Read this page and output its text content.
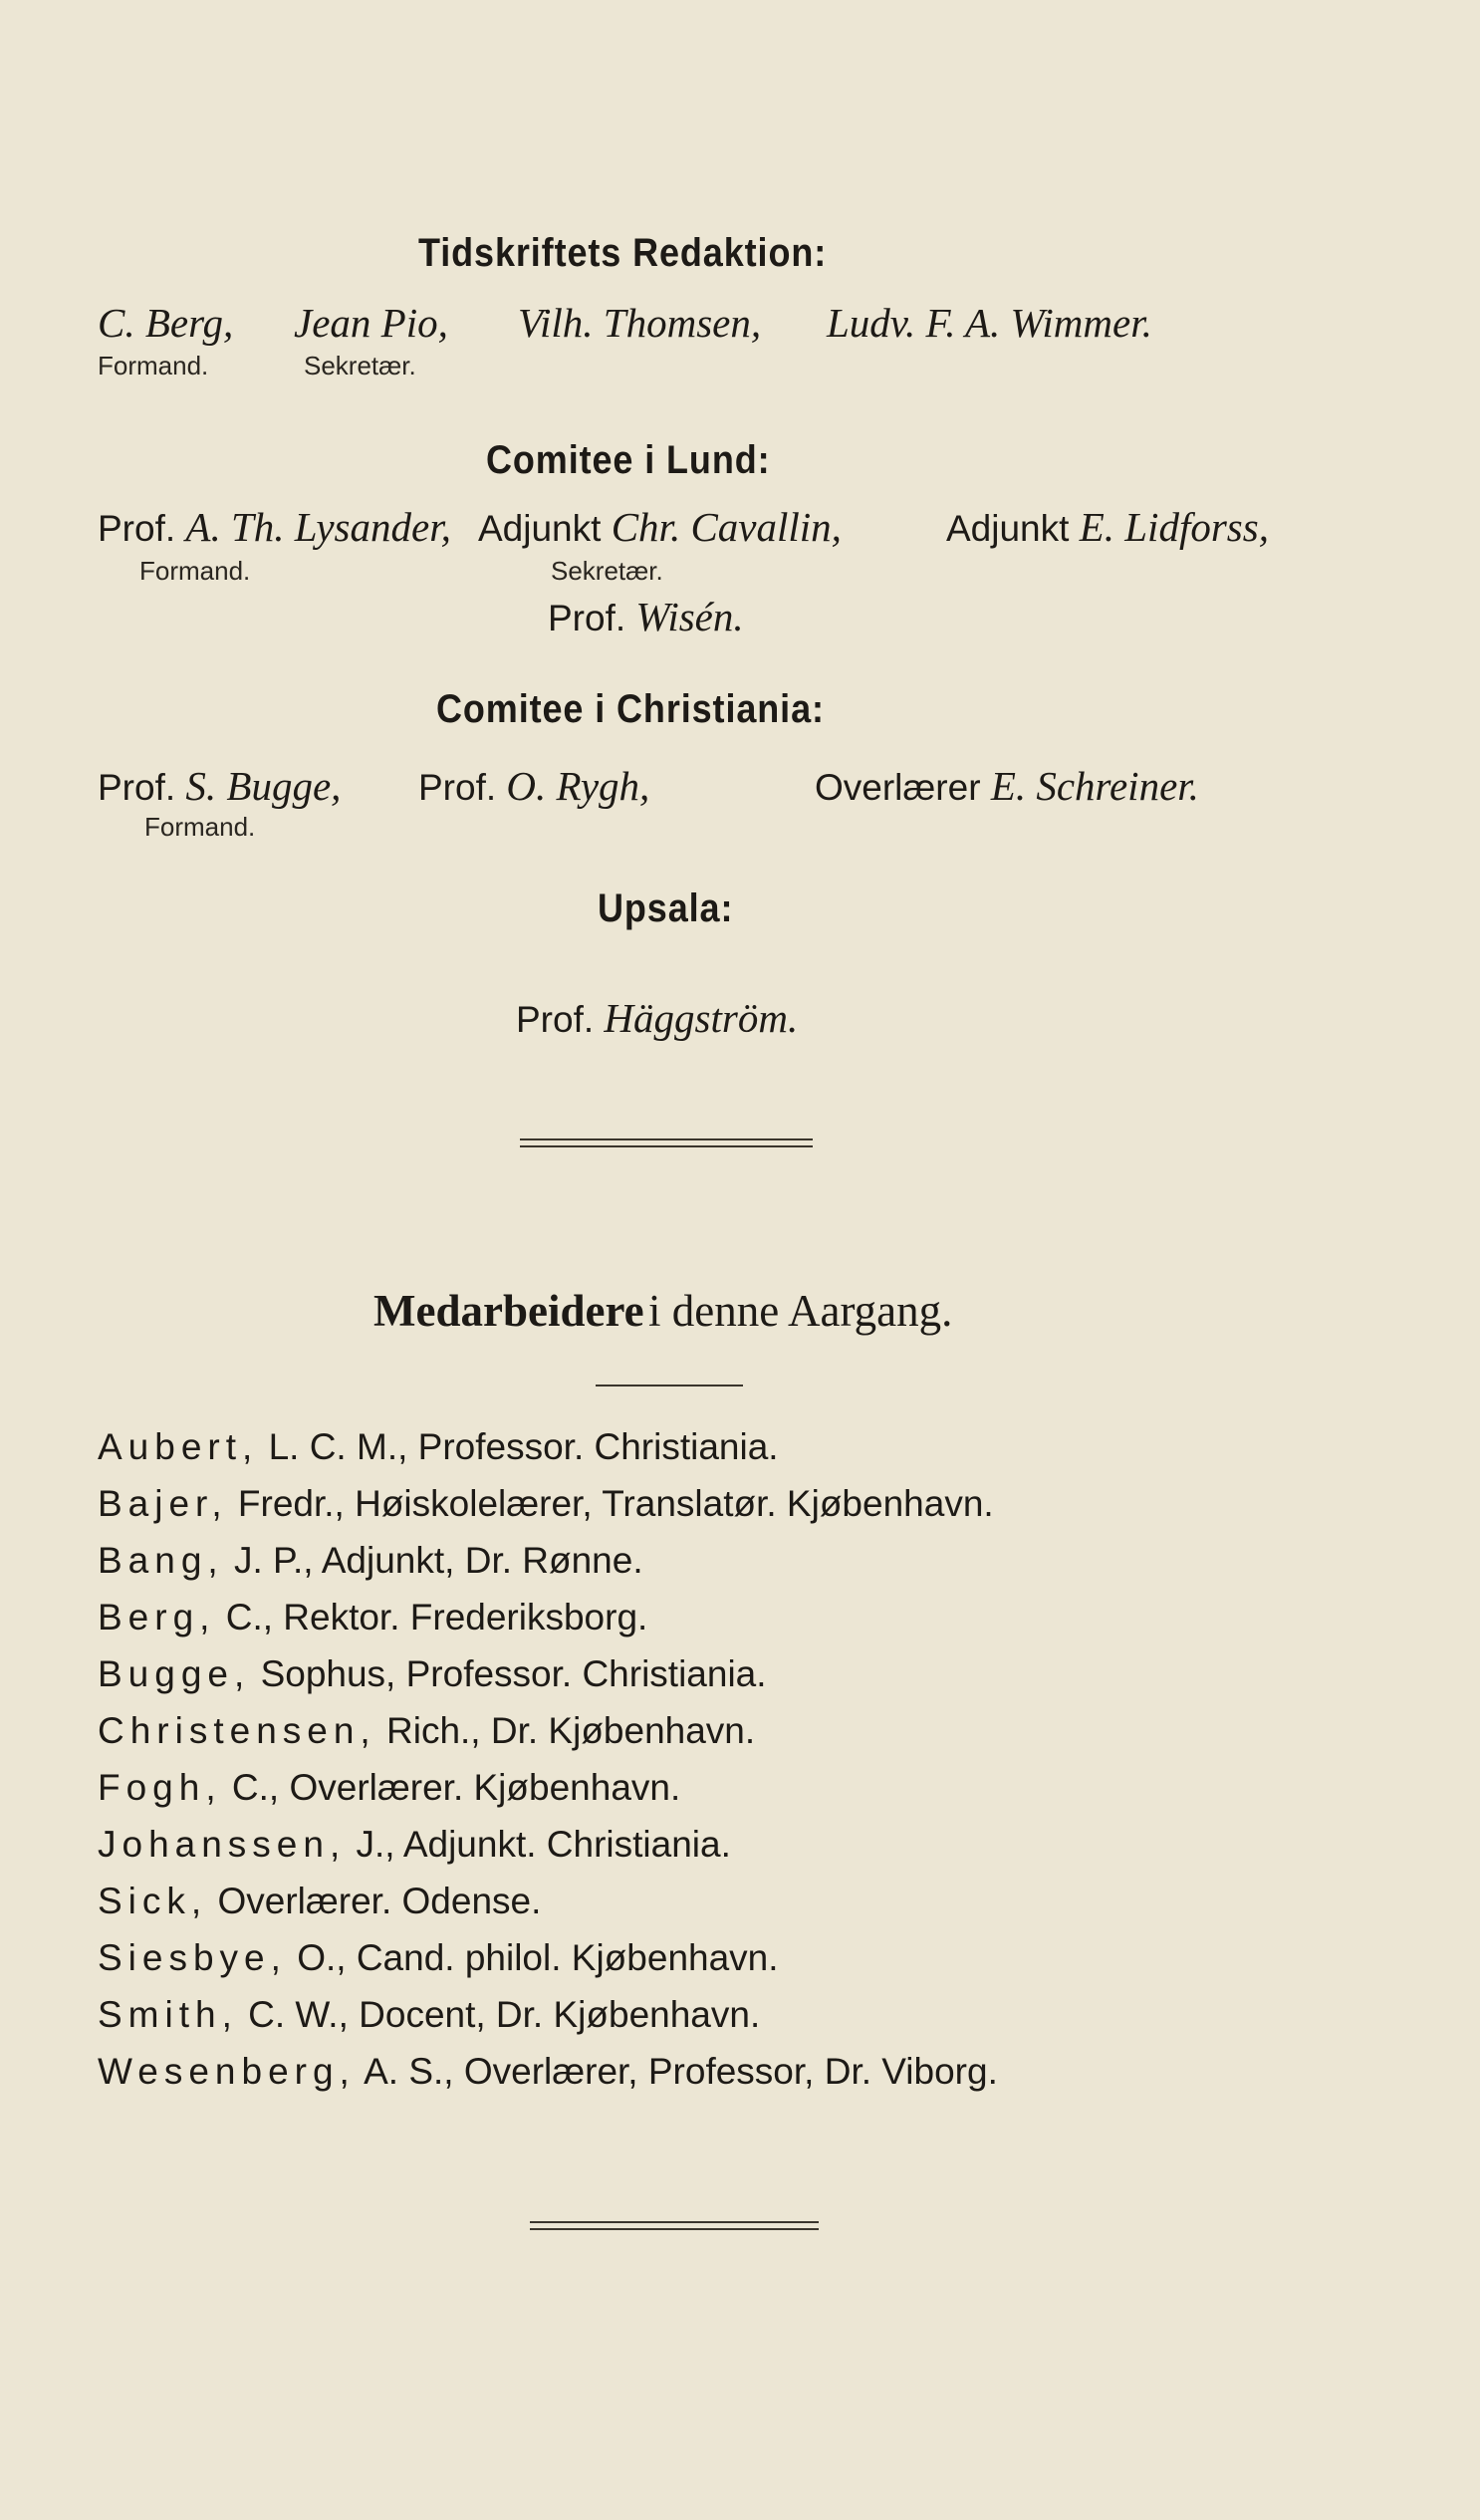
Tidskriftets Redaktion:
C. Berg, Jean Pio, Vilh. Thomsen, Ludv. F. A. Wimmer.
Formand.	Sekretær.
Comitee i Lund:
Prof. A. Th. Lysander, Adjunkt Chr. Cavallin,	Adjunkt E. Lidforss,
Formand.	Sekretær.
Prof. Wisén.
Comitee i Christiania:
Prof. S. Bugge, Prof. O. Rygh,	Overlærer E. Schreiner.
Formand.
Upsala:
Prof. Häggström.
Medarbeidere i denne Aargang.
Aubert, L. C. M., Professor. Christiania.
Bajer, Fredr., Høiskolelærer, Translatør. Kjøbenhavn.
Bang, J. P., Adjunkt, Dr. Rønne.
Berg, C., Rektor. Frederiksborg.
Bugge, Sophus, Professor. Christiania.
Christensen, Rich., Dr. Kjøbenhavn.
Fogh, C., Overlærer. Kjøbenhavn.
Johanssen, J., Adjunkt. Christiania.
Sick, Overlærer. Odense.
Siesbye, O., Cand. philol. Kjøbenhavn.
Smith, C. W., Docent, Dr. Kjøbenhavn.
Wesenberg, A. S., Overlærer, Professor, Dr. Viborg.
